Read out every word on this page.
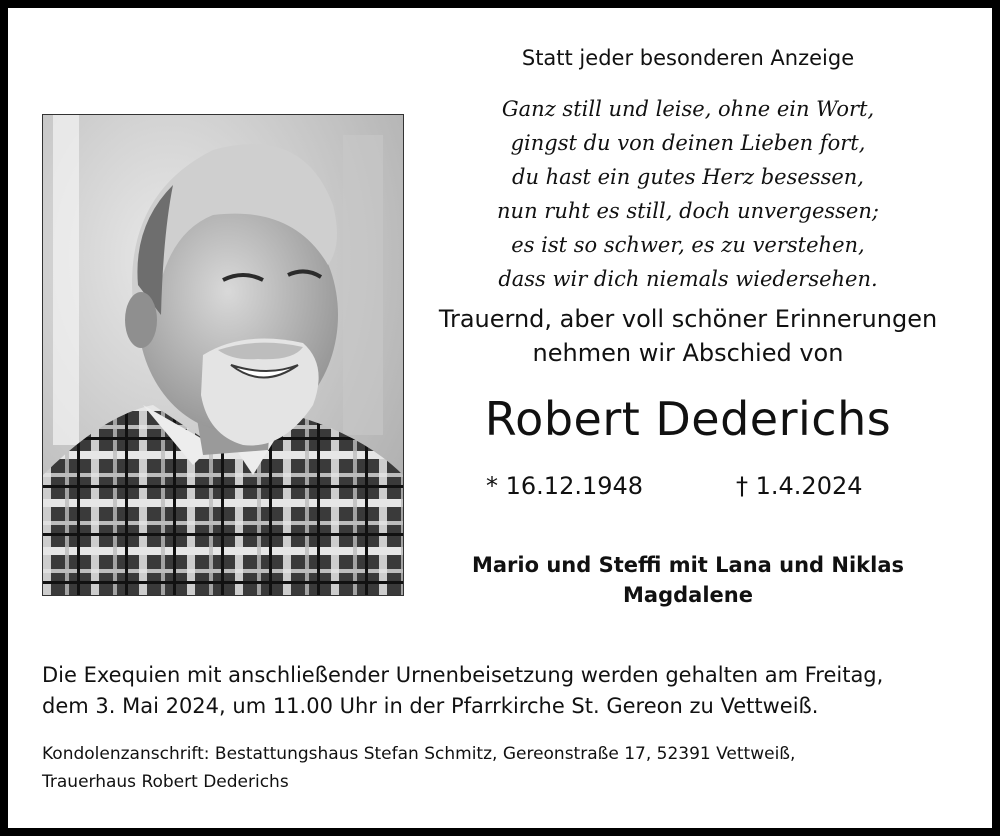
Statt jeder besonderen Anzeige
Ganz still und leise, ohne ein Wort,
gingst du von deinen Lieben fort,
du hast ein gutes Herz besessen,
nun ruht es still, doch unvergessen;
es ist so schwer, es zu verstehen,
dass wir dich niemals wiedersehen.
Trauernd, aber voll schöner Erinnerungen
nehmen wir Abschied von
Robert Dederichs
* 16.12.1948	† 1.4.2024
Mario und Steffi mit Lana und Niklas
Magdalene
Die Exequien mit anschließender Urnenbeisetzung werden gehalten am Freitag,
dem 3. Mai 2024, um 11.00 Uhr in der Pfarrkirche St. Gereon zu Vettweiß.
Kondolenzanschrift: Bestattungshaus Stefan Schmitz, Gereonstraße 17, 52391 Vettweiß,
Trauerhaus Robert Dederichs
